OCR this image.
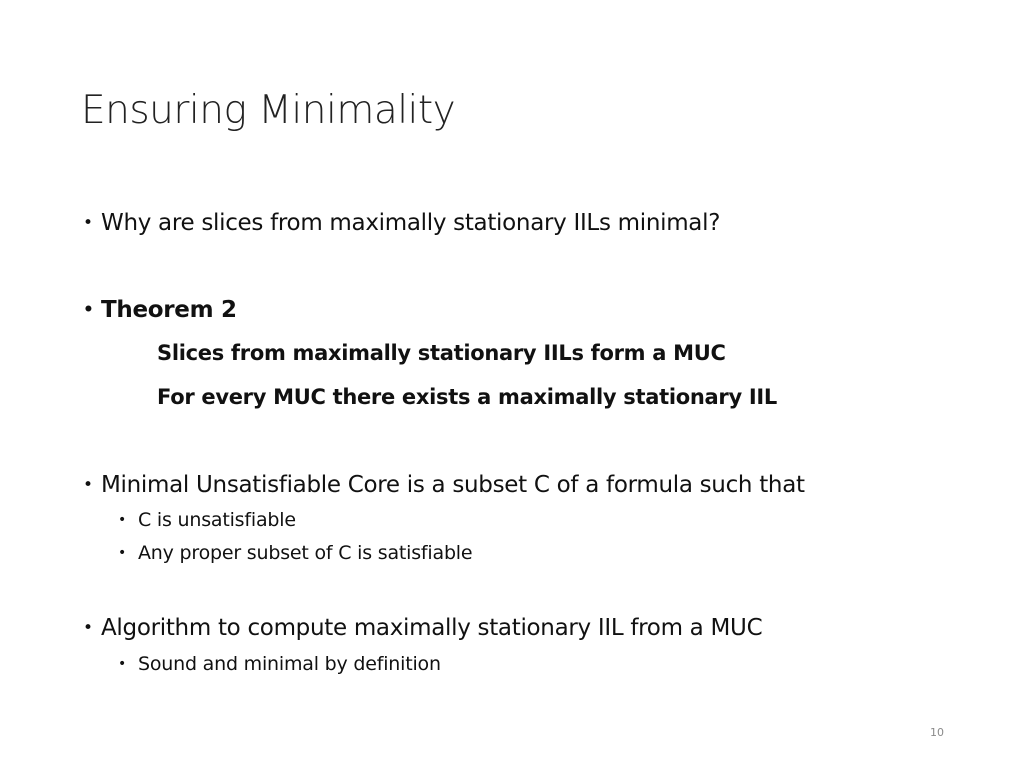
Ensuring Minimality
• Why are slices from maximally stationary IILs minimal?
• Theorem 2
Slices from maximally stationary IILs form a MUC
For every MUC there exists a maximally stationary IIL
• Minimal Unsatisfiable Core is a subset C of a formula such that
• C is unsatisfiable
• Any proper subset of C is satisfiable
• Algorithm to compute maximally stationary IIL from a MUC
• Sound and minimal by definition
10
